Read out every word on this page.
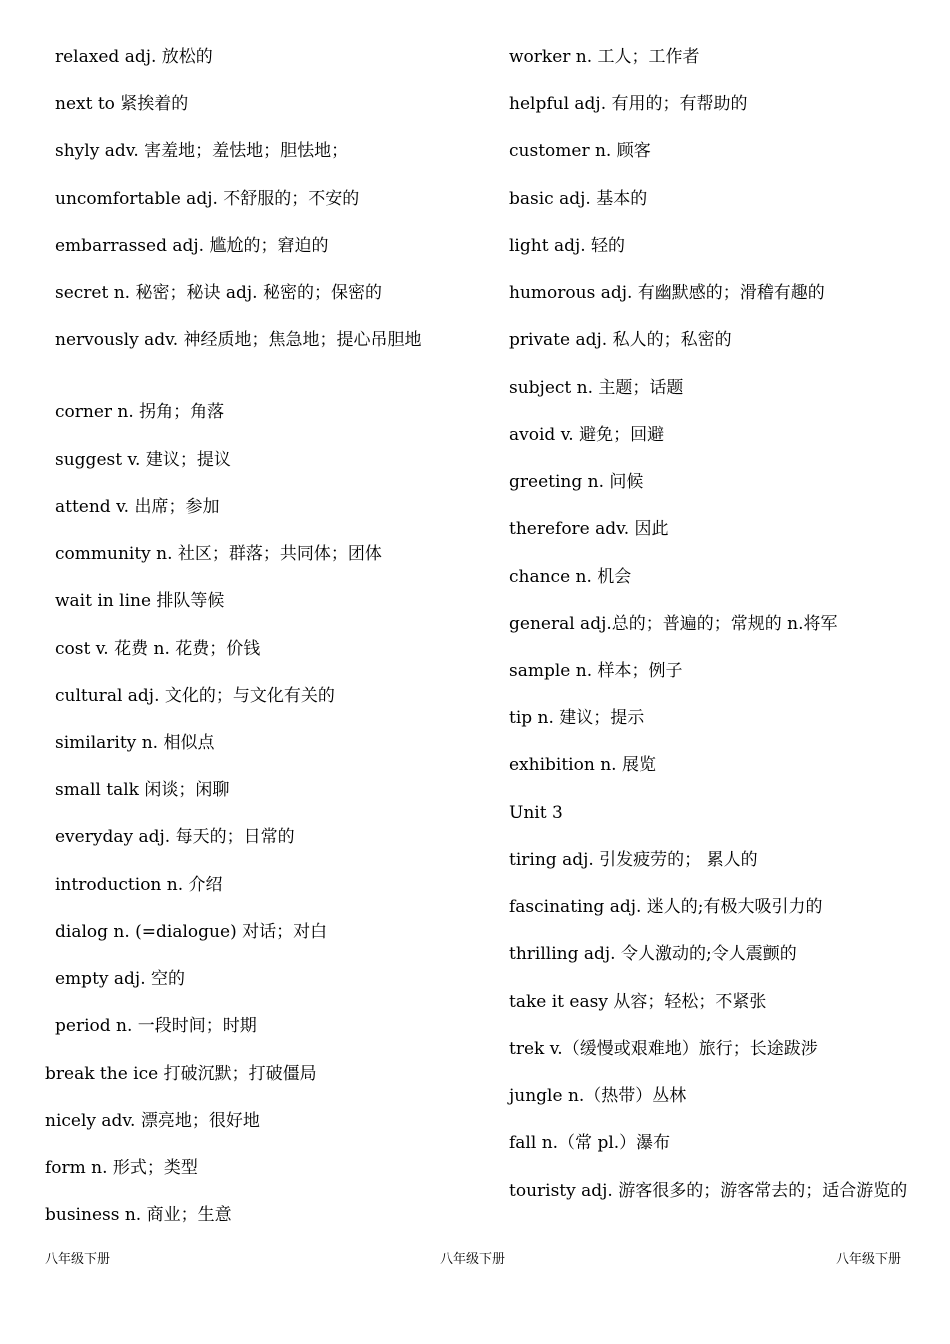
relaxed adj. 放松的
next to 紧挨着的
shyly adv. 害羞地；羞怯地；胆怯地；
uncomfortable adj. 不舒服的；不安的
embarrassed adj. 尴尬的；窘迫的
secret n. 秘密；秘诀 adj. 秘密的；保密的
nervously adv. 神经质地；焦急地；提心吊胆地
corner n. 拐角；角落
suggest v. 建议；提议
attend v. 出席；参加
community n. 社区；群落；共同体；团体
wait in line 排队等候
cost v. 花费 n. 花费；价钱
cultural adj. 文化的；与文化有关的
similarity n. 相似点
small talk 闲谈；闲聊
everyday adj. 每天的；日常的
introduction n. 介绍
dialog n. (=dialogue) 对话；对白
empty adj. 空的
period n. 一段时间；时期
break the ice 打破沉默；打破僵局
nicely adv. 漂亮地；很好地
form n. 形式；类型
business n. 商业；生意
worker n. 工人；工作者
helpful adj. 有用的；有帮助的
customer n. 顾客
basic adj. 基本的
light adj. 轻的
humorous adj. 有幽默感的；滑稽有趣的
private adj. 私人的；私密的
subject n. 主题；话题
avoid v. 避免；回避
greeting n. 问候
therefore adv. 因此
chance n. 机会
general adj.总的；普遍的；常规的 n.将军
sample n. 样本；例子
tip n. 建议；提示
exhibition n. 展览
Unit 3
tiring adj. 引发疲劳的； 累人的
fascinating adj. 迷人的;有极大吸引力的
thrilling adj. 令人激动的;令人震颤的
take it easy 从容；轻松；不紧张
trek v.（缓慢或艰难地）旅行；长途跋涉
jungle n.（热带）丛林
fall n.（常 pl.）瀑布
touristy adj. 游客很多的；游客常去的；适合游览的
八年级下册	八年级下册	八年级下册
